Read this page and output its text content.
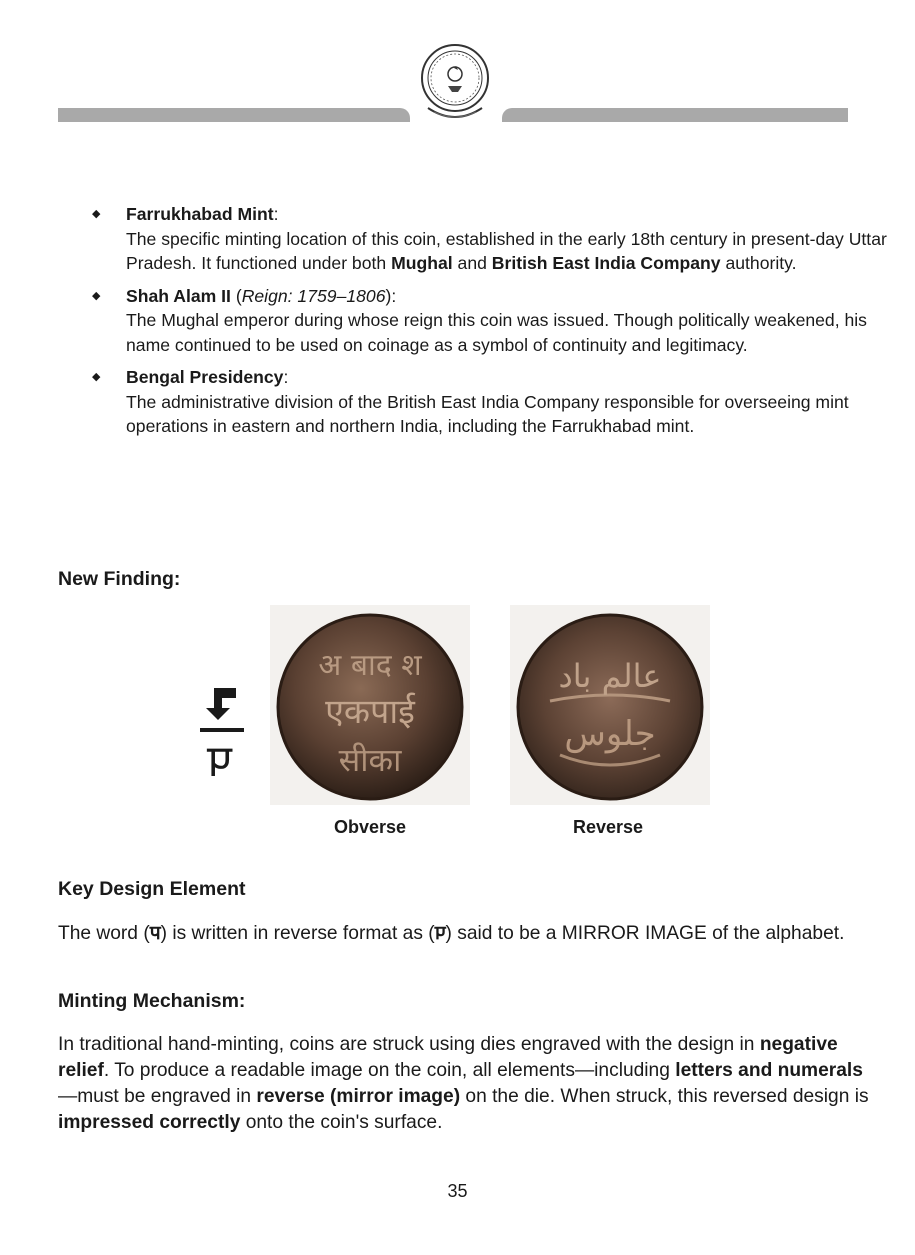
◆ Farrukhabad Mint:
The specific minting location of this coin, established in the early 18th century in present-day Uttar Pradesh. It functioned under both Mughal and British East India Company authority.
◆ Shah Alam II (Reign: 1759–1806):
The Mughal emperor during whose reign this coin was issued. Though politically weakened, his name continued to be used on coinage as a symbol of continuity and legitimacy.
◆ Bengal Presidency:
The administrative division of the British East India Company responsible for overseeing mint operations in eastern and northern India, including the Farrukhabad mint.
New Finding:
प
अ बाद श
एकपाई
सीका
عالم باد
جلوس
Obverse	Reverse
Key Design Element
The word (प) is written in reverse format as (प) said to be a MIRROR IMAGE of the alphabet.
Minting Mechanism:
In traditional hand-minting, coins are struck using dies engraved with the design in negative relief. To produce a readable image on the coin, all elements—including letters and numerals—must be engraved in reverse (mirror image) on the die. When struck, this reversed design is impressed correctly onto the coin's surface.
35
